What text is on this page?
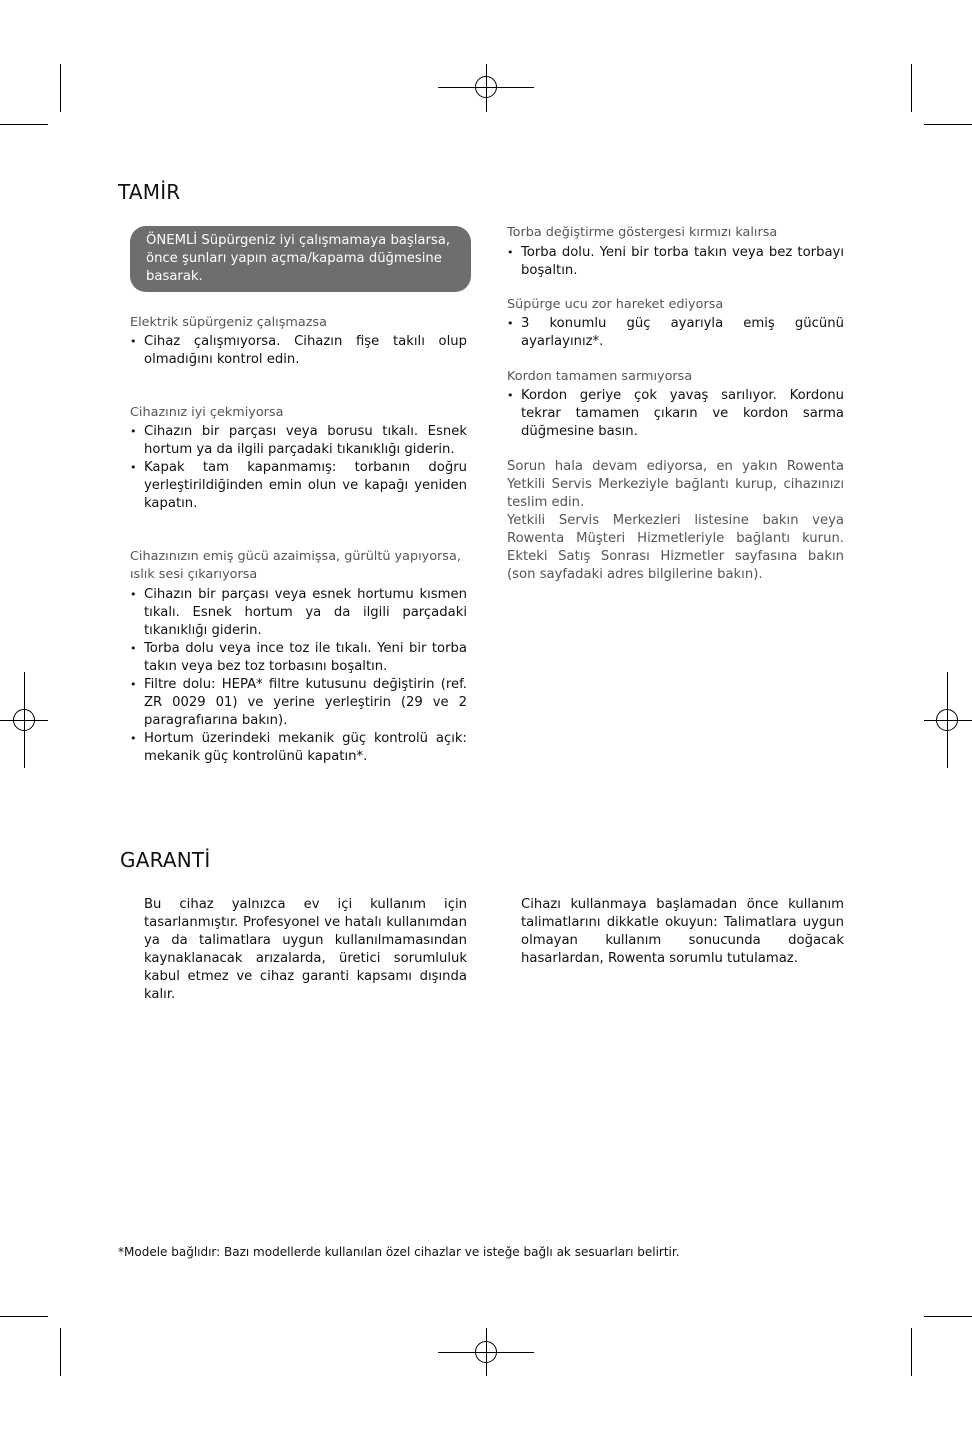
TAMİR
ÖNEMLİ Süpürgeniz iyi çalışmamaya başlarsa, önce şunları yapın açma/kapama düğmesine basarak.
Elektrik süpürgeniz çalışmazsa
• Cihaz çalışmıyorsa. Cihazın fişe takılı olup olmadığını kontrol edin.
Cihazınız iyi çekmiyorsa
• Cihazın bir parçası veya borusu tıkalı. Esnek hortum ya da ilgili parçadaki tıkanıklığı giderin.
• Kapak tam kapanmamış: torbanın doğru yerleştirildiğinden emin olun ve kapağı yeniden kapatın.
Cihazınızın emiş gücü azaimişsa, gürültü yapıyorsa, ıslık sesi çıkarıyorsa
• Cihazın bir parçası veya esnek hortumu kısmen tıkalı. Esnek hortum ya da ilgili parçadaki tıkanıklığı giderin.
• Torba dolu veya ince toz ile tıkalı. Yeni bir torba takın veya bez toz torbasını boşaltın.
• Filtre dolu: HEPA* filtre kutusunu değiştirin (ref. ZR 0029 01) ve yerine yerleştirin (29 ve 2 paragrafıarına bakın).
• Hortum üzerindeki mekanik güç kontrolü açık: mekanik güç kontrolünü kapatın*.
Torba değiştirme göstergesi kırmızı kalırsa
• Torba dolu. Yeni bir torba takın veya bez torbayı boşaltın.
Süpürge ucu zor hareket ediyorsa
• 3 konumlu güç ayarıyla emiş gücünü ayarlayınız*.
Kordon tamamen sarmıyorsa
• Kordon geriye çok yavaş sarılıyor. Kordonu tekrar tamamen çıkarın ve kordon sarma düğmesine basın.

Sorun hala devam ediyorsa, en yakın Rowenta Yetkili Servis Merkeziyle bağlantı kurup, cihazınızı teslim edin.

Yetkili Servis Merkezleri listesine bakın veya Rowenta Müşteri Hizmetleriyle bağlantı kurun. Ekteki Satış Sonrası Hizmetler sayfasına bakın (son sayfadaki adres bilgilerine bakın).

GARANTİ

Bu cihaz yalnızca ev içi kullanım için tasarlanmıştır. Profesyonel ve hatalı kullanımdan ya da talimatlara uygun kullanılmamasından kaynaklanacak arızalarda, üretici sorumluluk kabul etmez ve cihaz garanti kapsamı dışında kalır.

Cihazı kullanmaya başlamadan önce kullanım talimatlarını dikkatle okuyun: Talimatlara uygun olmayan kullanım sonucunda doğacak hasarlardan, Rowenta sorumlu tutulamaz.

*Modele bağlıdır: Bazı modellerde kullanılan özel cihazlar ve isteğe bağlı ak sesuarları belirtir.
